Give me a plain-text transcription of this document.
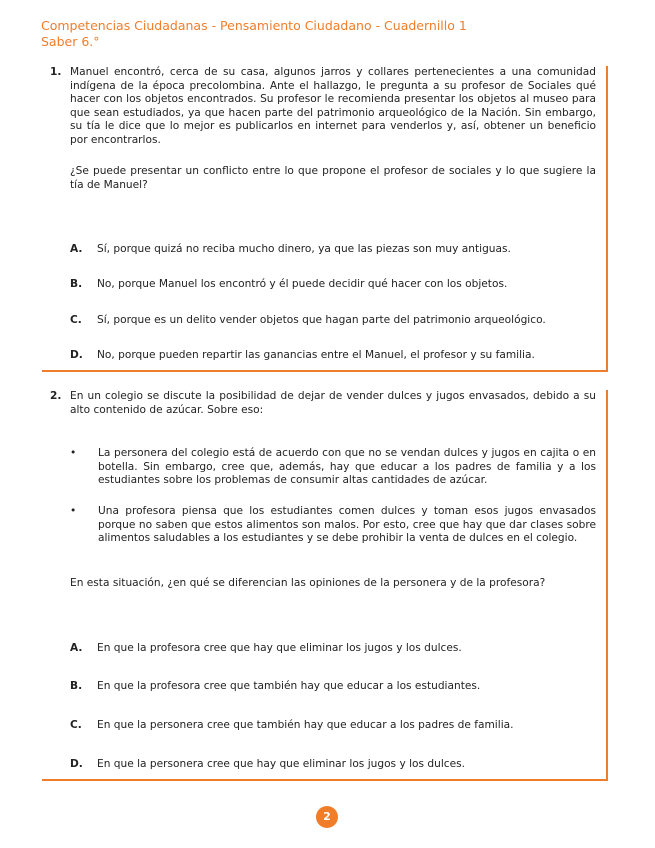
Competencias Ciudadanas - Pensamiento Ciudadano - Cuadernillo 1
Saber 6.°
1. Manuel encontró, cerca de su casa, algunos jarros y collares pertenecientes a una comunidad indígena de la época precolombina. Ante el hallazgo, le pregunta a su profesor de Sociales qué hacer con los objetos encontrados. Su profesor le recomienda presentar los objetos al museo para que sean estudiados, ya que hacen parte del patrimonio arqueológico de la Nación. Sin embargo, su tía le dice que lo mejor es publicarlos en internet para venderlos y, así, obtener un beneficio por encontrarlos.
¿Se puede presentar un conflicto entre lo que propone el profesor de sociales y lo que sugiere la tía de Manuel?
A. Sí, porque quizá no reciba mucho dinero, ya que las piezas son muy antiguas.
B. No, porque Manuel los encontró y él puede decidir qué hacer con los objetos.
C. Sí, porque es un delito vender objetos que hagan parte del patrimonio arqueológico.
D. No, porque pueden repartir las ganancias entre el Manuel, el profesor y su familia.
2. En un colegio se discute la posibilidad de dejar de vender dulces y jugos envasados, debido a su alto contenido de azúcar. Sobre eso:
• La personera del colegio está de acuerdo con que no se vendan dulces y jugos en cajita o en botella. Sin embargo, cree que, además, hay que educar a los padres de familia y a los estudiantes sobre los problemas de consumir altas cantidades de azúcar.
• Una profesora piensa que los estudiantes comen dulces y toman esos jugos envasados porque no saben que estos alimentos son malos. Por esto, cree que hay que dar clases sobre alimentos saludables a los estudiantes y se debe prohibir la venta de dulces en el colegio.
En esta situación, ¿en qué se diferencian las opiniones de la personera y de la profesora?
A. En que la profesora cree que hay que eliminar los jugos y los dulces.
B. En que la profesora cree que también hay que educar a los estudiantes.
C. En que la personera cree que también hay que educar a los padres de familia.
D. En que la personera cree que hay que eliminar los jugos y los dulces.
2
